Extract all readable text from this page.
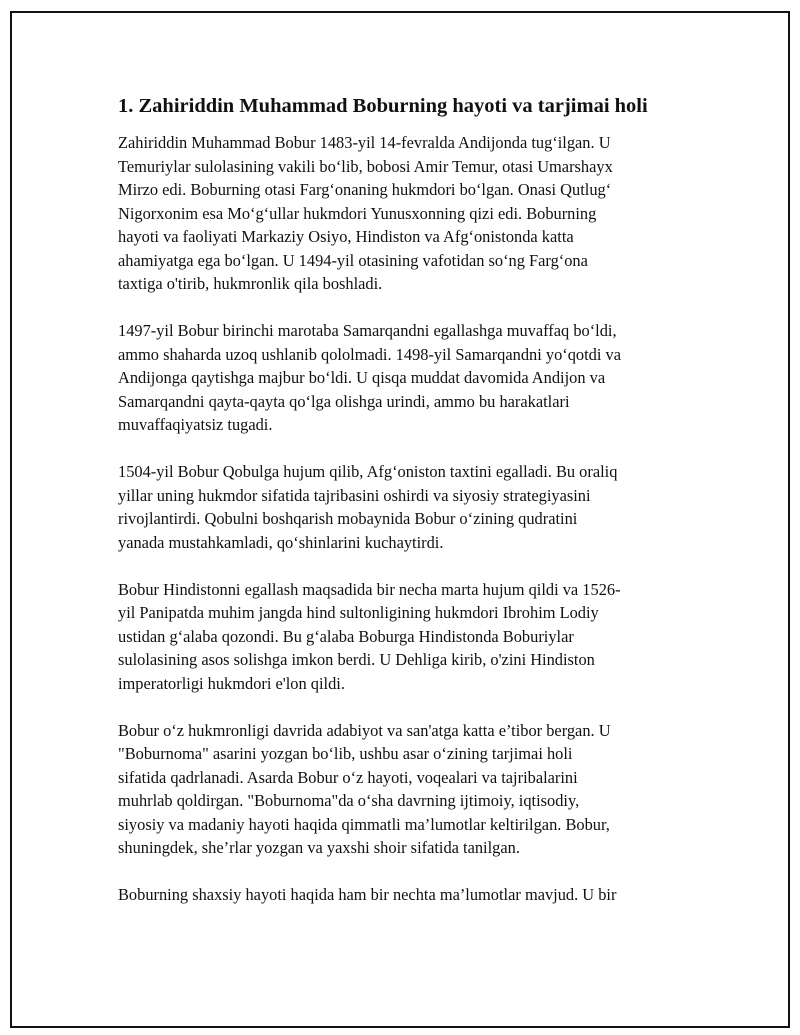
1. Zahiriddin Muhammad Boburning hayoti va tarjimai holi

Zahiriddin Muhammad Bobur 1483-yil 14-fevralda Andijonda tug‘ilgan. U
Temuriylar sulolasining vakili bo‘lib, bobosi Amir Temur, otasi Umarshayx
Mirzo edi. Boburning otasi Farg‘onaning hukmdori bo‘lgan. Onasi Qutlug‘
Nigorxonim esa Mo‘g‘ullar hukmdori Yunusxonning qizi edi. Boburning
hayoti va faoliyati Markaziy Osiyo, Hindiston va Afg‘onistonda katta
ahamiyatga ega bo‘lgan. U 1494-yil otasining vafotidan so‘ng Farg‘ona
taxtiga o'tirib, hukmronlik qila boshladi.

1497-yil Bobur birinchi marotaba Samarqandni egallashga muvaffaq bo‘ldi,
ammo shaharda uzoq ushlanib qololmadi. 1498-yil Samarqandni yo‘qotdi va
Andijonga qaytishga majbur bo‘ldi. U qisqa muddat davomida Andijon va
Samarqandni qayta-qayta qo‘lga olishga urindi, ammo bu harakatlari
muvaffaqiyatsiz tugadi.

1504-yil Bobur Qobulga hujum qilib, Afg‘oniston taxtini egalladi. Bu oraliq
yillar uning hukmdor sifatida tajribasini oshirdi va siyosiy strategiyasini
rivojlantirdi. Qobulni boshqarish mobaynida Bobur o‘zining qudratini
yanada mustahkamladi, qo‘shinlarini kuchaytirdi.

Bobur Hindistonni egallash maqsadida bir necha marta hujum qildi va 1526-
yil Panipatda muhim jangda hind sultonligining hukmdori Ibrohim Lodiy
ustidan g‘alaba qozondi. Bu g‘alaba Boburga Hindistonda Boburiylar
sulolasining asos solishga imkon berdi. U Dehliga kirib, o'zini Hindiston
imperatorligi hukmdori e'lon qildi.

Bobur o‘z hukmronligi davrida adabiyot va san'atga katta e’tibor bergan. U
"Boburnoma" asarini yozgan bo‘lib, ushbu asar o‘zining tarjimai holi
sifatida qadrlanadi. Asarda Bobur o‘z hayoti, voqealari va tajribalarini
muhrlab qoldirgan. "Boburnoma"da o‘sha davrning ijtimoiy, iqtisodiy,
siyosiy va madaniy hayoti haqida qimmatli ma’lumotlar keltirilgan. Bobur,
shuningdek, she’rlar yozgan va yaxshi shoir sifatida tanilgan.

Boburning shaxsiy hayoti haqida ham bir nechta ma’lumotlar mavjud. U bir
